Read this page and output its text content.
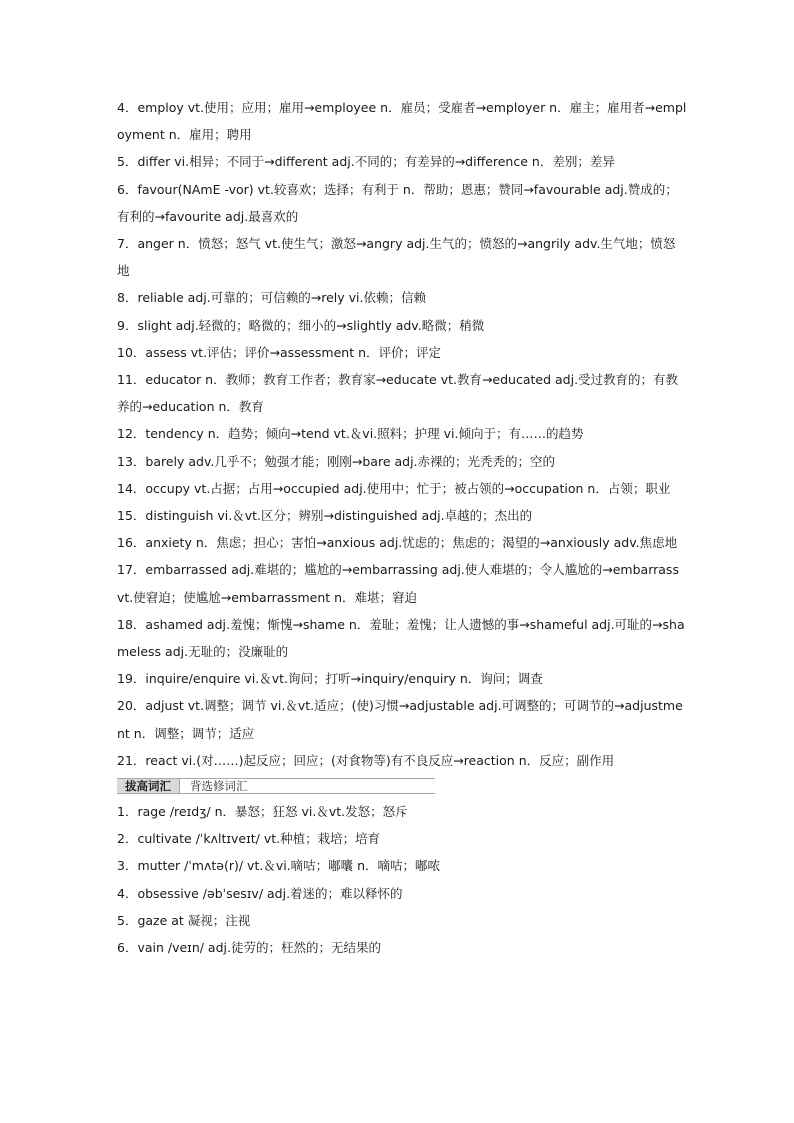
4．employ vt.使用；应用；雇用→employee n．雇员；受雇者→employer n．雇主；雇用者→employment n．雇用；聘用

5．differ vi.相异；不同于→different adj.不同的；有差异的→difference n．差别；差异

6．favour(NAmE -vor) vt.较喜欢；选择；有利于 n．帮助；恩惠；赞同→favourable adj.赞成的；有利的→favourite adj.最喜欢的

7．anger n．愤怒；怒气 vt.使生气；激怒→angry adj.生气的；愤怒的→angrily adv.生气地；愤怒地

8．reliable adj.可靠的；可信赖的→rely vi.依赖；信赖

9．slight adj.轻微的；略微的；细小的→slightly adv.略微；稍微

10．assess vt.评估；评价→assessment n．评价；评定

11．educator n．教师；教育工作者；教育家→educate vt.教育→educated adj.受过教育的；有教养的→education n．教育

12．tendency n．趋势；倾向→tend vt.＆vi.照料；护理 vi.倾向于；有……的趋势

13．barely adv.几乎不；勉强才能；刚刚→bare adj.赤裸的；光秃秃的；空的

14．occupy vt.占据；占用→occupied adj.使用中；忙于；被占领的→occupation n．占领；职业

15．distinguish vi.＆vt.区分；辨别→distinguished adj.卓越的；杰出的

16．anxiety n．焦虑；担心；害怕→anxious adj.忧虑的；焦虑的；渴望的→anxiously adv.焦虑地

17．embarrassed adj.难堪的；尴尬的→embarrassing adj.使人难堪的；令人尴尬的→embarrass vt.使窘迫；使尴尬→embarrassment n．难堪；窘迫

18．ashamed adj.羞愧；惭愧→shame n．羞耻；羞愧；让人遗憾的事→shameful adj.可耻的→shameless adj.无耻的；没廉耻的

19．inquire/enquire vi.＆vt.询问；打听→inquiry/enquiry n．询问；调查

20．adjust vt.调整；调节 vi.＆vt.适应；(使)习惯→adjustable adj.可调整的；可调节的→adjustment n．调整；调节；适应

21．react vi.(对……)起反应；回应；(对食物等)有不良反应→reaction n．反应；副作用

拔高词汇	背选修词汇

1．rage /reɪdʒ/ n．暴怒；狂怒 vi.＆vt.发怒；怒斥

2．cultivate /ˈkʌltɪveɪt/ vt.种植；栽培；培育

3．mutter /ˈmʌtə(r)/ vt.＆vi.嘀咕；嘟囔 n．嘀咕；嘟哝

4．obsessive /əbˈsesɪv/ adj.着迷的；难以释怀的

5．gaze at 凝视；注视

6．vain /veɪn/ adj.徒劳的；枉然的；无结果的
